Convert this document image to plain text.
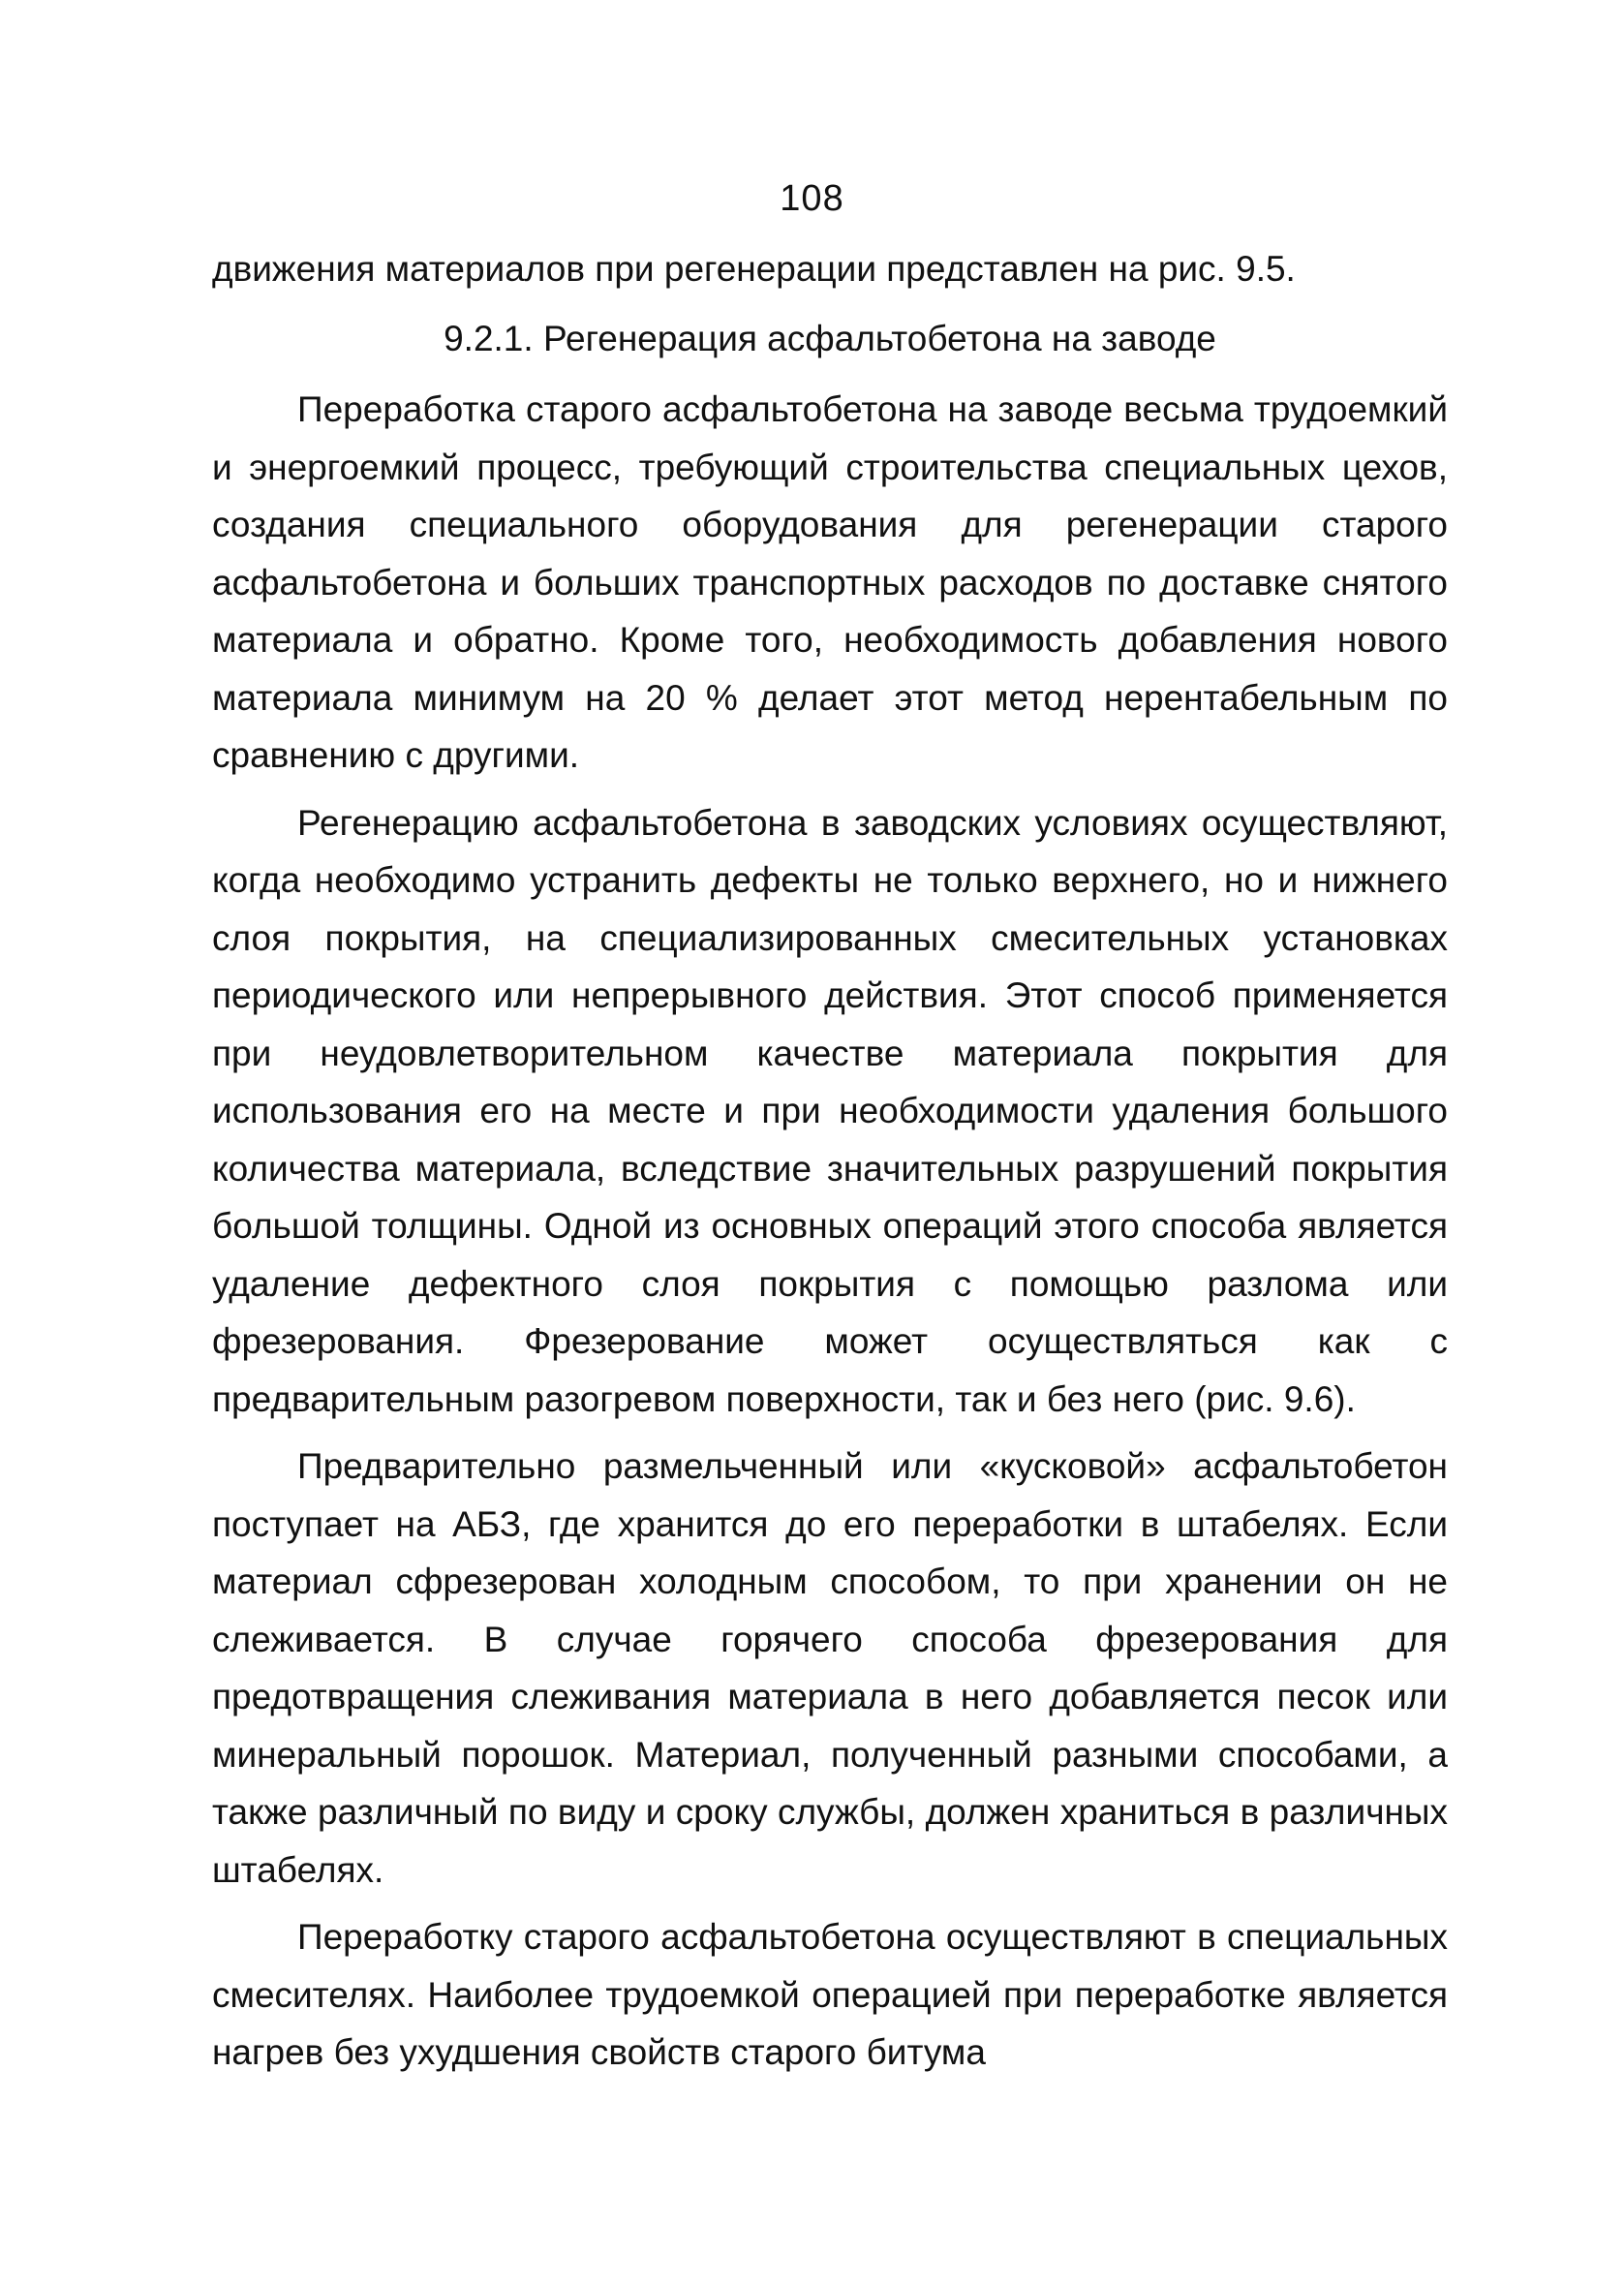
108

движения материалов при регенерации представлен на рис. 9.5.

9.2.1. Регенерация асфальтобетона на заводе

Переработка старого асфальтобетона на заводе весьма трудоемкий и энергоемкий процесс, требующий строительства специальных цехов, создания специального оборудования для регенерации старого асфальтобетона и больших транспортных расходов по доставке снятого материала и обратно. Кроме того, необходимость добавления нового материала минимум на 20 % делает этот метод нерентабельным по сравнению с другими.

Регенерацию асфальтобетона в заводских условиях осуществляют, когда необходимо устранить дефекты не только верхнего, но и нижнего слоя покрытия, на специализированных смесительных установках периодического или непрерывного действия. Этот способ применяется при неудовлетворительном качестве материала покрытия для использования его на месте и при необходимости удаления большого количества материала, вследствие значительных разрушений покрытия большой толщины. Одной из основных операций этого способа является удаление дефектного слоя покрытия с помощью разлома или фрезерования. Фрезерование может осуществляться как с предварительным разогревом поверхности, так и без него (рис. 9.6).

Предварительно размельченный или «кусковой» асфальтобетон поступает на АБЗ, где хранится до его переработки в штабелях. Если материал сфрезерован холодным способом, то при хранении он не слеживается. В случае горячего способа фрезерования для предотвращения слеживания материала в него добавляется песок или минеральный порошок. Материал, полученный разными способами, а также различный по виду и сроку службы, должен храниться в различных штабелях.

Переработку старого асфальтобетона осуществляют в специальных смесителях. Наиболее трудоемкой операцией при переработке является нагрев без ухудшения свойств старого битума
